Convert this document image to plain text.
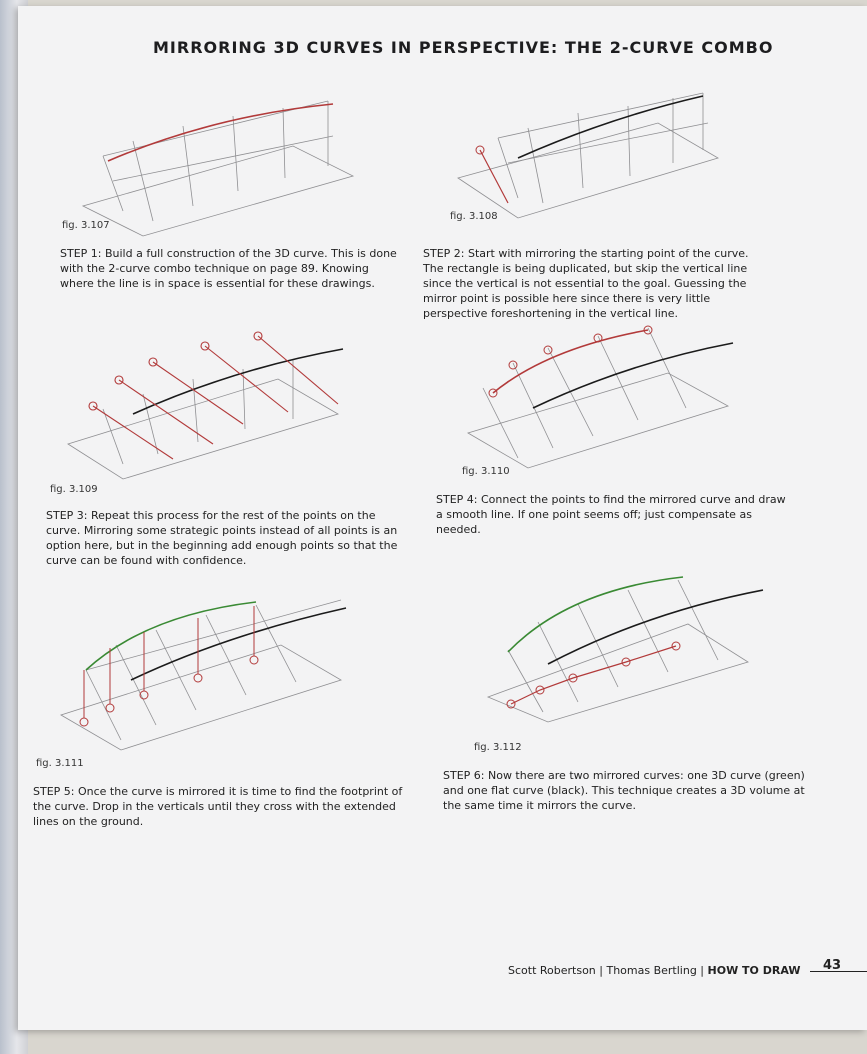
MIRRORING 3D CURVES IN PERSPECTIVE: THE 2-CURVE COMBO
fig. 3.107
STEP 1: Build a full construction of the 3D curve. This is done with the 2-curve combo technique on page 89. Knowing where the line is in space is essential for these drawings.
fig. 3.108
STEP 2: Start with mirroring the starting point of the curve. The rectangle is being duplicated, but skip the vertical line since the vertical is not essential to the goal. Guessing the mirror point is possible here since there is very little perspective foreshortening in the vertical line.
fig. 3.109
STEP 3: Repeat this process for the rest of the points on the curve. Mirroring some strategic points instead of all points is an option here, but in the beginning add enough points so that the curve can be found with confidence.
fig. 3.110
STEP 4: Connect the points to find the mirrored curve and draw a smooth line. If one point seems off; just compensate as needed.
fig. 3.111
STEP 5: Once the curve is mirrored it is time to find the footprint of the curve. Drop in the verticals until they cross with the extended lines on the ground.
fig. 3.112
STEP 6: Now there are two mirrored curves: one 3D curve (green) and one flat curve (black). This technique creates a 3D volume at the same time it mirrors the curve.
Scott Robertson | Thomas Bertling | HOW TO DRAW	43
